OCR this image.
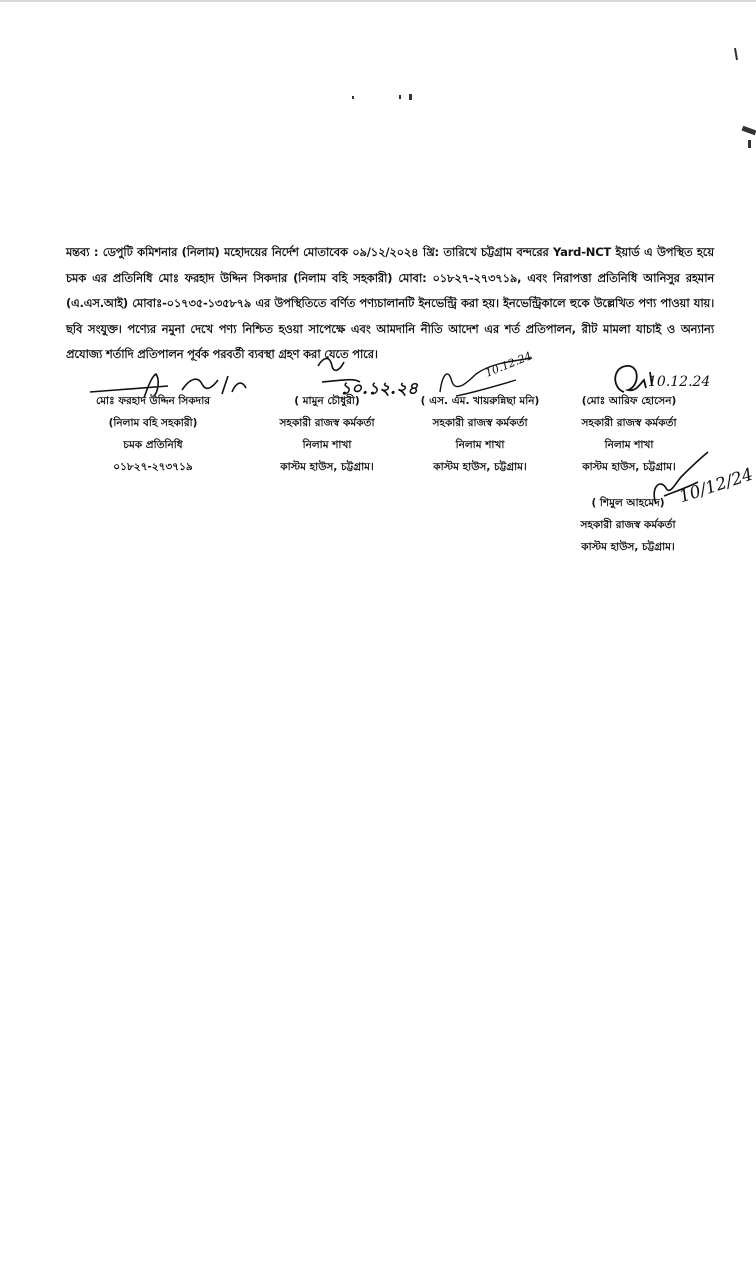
মন্তব্য : ডেপুটি কমিশনার (নিলাম) মহোদয়ের নির্দেশ মোতাবেক ০৯/১২/২০২৪ খ্রি: তারিখে চট্টগ্রাম বন্দরের Yard-NCT ইয়ার্ড এ উপস্থিত হয়ে চমক এর প্রতিনিধি মোঃ ফরহাদ উদ্দিন সিকদার (নিলাম বহি সহকারী) মোবা: ০১৮২৭-২৭৩৭১৯, এবং নিরাপত্তা প্রতিনিধি আনিসুর রহমান (এ.এস.আই) মোবাঃ-০১৭৩৫-১৩৫৮৭৯ এর উপস্থিতিতে বর্ণিত পণ্যচালানটি ইনভেন্ট্রি করা হয়। ইনভেন্ট্রিকালে হুকে উল্লেখিত পণ্য পাওয়া যায়। ছবি সংযুক্ত। পণ্যের নমুনা দেখে পণ্য নিশ্চিত হওয়া সাপেক্ষে এবং আমদানি নীতি আদেশ এর শর্ত প্রতিপালন, রীট মামলা যাচাই ও অন্যান্য প্রযোজ্য শর্তাদি প্রতিপালন পূর্বক পরবর্তী ব্যবস্থা গ্রহণ করা যেতে পারে।
১০.১২.২৪
10.12.24
10.12.24
10/12/24
মোঃ ফরহাদ উদ্দিন সিকদার
(নিলাম বহি সহকারী)
চমক প্রতিনিধি
০১৮২৭-২৭৩৭১৯
( মামুন চৌধুরী)
সহকারী রাজস্ব কর্মকর্তা
নিলাম শাখা
কাস্টম হাউস, চট্টগ্রাম।
( এস. এম. খায়রুন্নিছা মনি)
সহকারী রাজস্ব কর্মকর্তা
নিলাম শাখা
কাস্টম হাউস, চট্টগ্রাম।
(মোঃ আরিফ হোসেন)
সহকারী রাজস্ব কর্মকর্তা
নিলাম শাখা
কাস্টম হাউস, চট্টগ্রাম।
( শিমুল আহমেদ)
সহকারী রাজস্ব কর্মকর্তা
কাস্টম হাউস, চট্টগ্রাম।
